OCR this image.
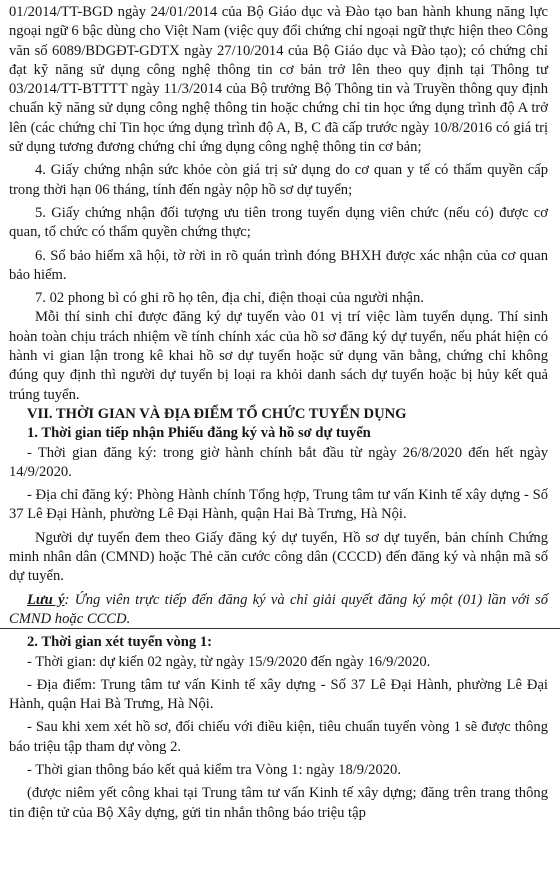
01/2014/TT-BGD ngày 24/01/2014 của Bộ Giáo dục và Đào tạo ban hành khung năng lực ngoại ngữ 6 bậc dùng cho Việt Nam (việc quy đổi chứng chỉ ngoại ngữ thực hiện theo Công văn số 6089/BDGĐT-GDTX ngày 27/10/2014 của Bộ Giáo dục và Đào tạo); có chứng chỉ đạt kỹ năng sử dụng công nghệ thông tin cơ bản trở lên theo quy định tại Thông tư 03/2014/TT-BTTTT ngày 11/3/2014 của Bộ trưởng Bộ Thông tin và Truyền thông quy định chuẩn kỹ năng sử dụng công nghệ thông tin hoặc chứng chỉ tin học ứng dụng trình độ A trở lên (các chứng chỉ Tin học ứng dụng trình độ A, B, C đã cấp trước ngày 10/8/2016 có giá trị sử dụng tương đương chứng chỉ ứng dụng công nghệ thông tin cơ bản;

4. Giấy chứng nhận sức khỏe còn giá trị sử dụng do cơ quan y tế có thẩm quyền cấp trong thời hạn 06 tháng, tính đến ngày nộp hồ sơ dự tuyển;

5. Giấy chứng nhận đối tượng ưu tiên trong tuyển dụng viên chức (nếu có) được cơ quan, tổ chức có thẩm quyền chứng thực;

6. Sổ bảo hiểm xã hội, tờ rời in rõ quán trình đóng BHXH được xác nhận của cơ quan bảo hiểm.

7. 02 phong bì có ghi rõ họ tên, địa chỉ, điện thoại của người nhận.

Mỗi thí sinh chỉ được đăng ký dự tuyển vào 01 vị trí việc làm tuyển dụng. Thí sinh hoàn toàn chịu trách nhiệm về tính chính xác của hồ sơ đăng ký dự tuyển, nếu phát hiện có hành vi gian lận trong kê khai hồ sơ dự tuyển hoặc sử dụng văn bằng, chứng chỉ không đúng quy định thì người dự tuyển bị loại ra khỏi danh sách dự tuyển hoặc bị hủy kết quả trúng tuyển.

VII. THỜI GIAN VÀ ĐỊA ĐIỂM TỔ CHỨC TUYỂN DỤNG

1. Thời gian tiếp nhận Phiếu đăng ký và hồ sơ dự tuyển

- Thời gian đăng ký: trong giờ hành chính bắt đầu từ ngày 26/8/2020 đến hết ngày 14/9/2020.

- Địa chỉ đăng ký: Phòng Hành chính Tổng hợp, Trung tâm tư vấn Kinh tế xây dựng - Số 37 Lê Đại Hành, phường Lê Đại Hành, quận Hai Bà Trưng, Hà Nội.

Người dự tuyển đem theo Giấy đăng ký dự tuyển, Hồ sơ dự tuyển, bản chính Chứng minh nhân dân (CMND) hoặc Thẻ căn cước công dân (CCCD) đến đăng ký và nhận mã số dự tuyển.

Lưu ý: Ứng viên trực tiếp đến đăng ký và chỉ giải quyết đăng ký một (01) lần với số CMND hoặc CCCD.

2. Thời gian xét tuyển vòng 1:

- Thời gian: dự kiến 02 ngày, từ ngày 15/9/2020 đến ngày 16/9/2020.

- Địa điểm: Trung tâm tư vấn Kinh tế xây dựng - Số 37 Lê Đại Hành, phường Lê Đại Hành, quận Hai Bà Trưng, Hà Nội.

- Sau khi xem xét hồ sơ, đối chiếu với điều kiện, tiêu chuẩn tuyển vòng 1 sẽ được thông báo triệu tập tham dự vòng 2.

- Thời gian thông báo kết quả kiểm tra Vòng 1: ngày 18/9/2020.

(được niêm yết công khai tại Trung tâm tư vấn Kinh tế xây dựng; đăng trên trang thông tin điện tử của Bộ Xây dựng, gửi tin nhắn thông báo triệu tập
